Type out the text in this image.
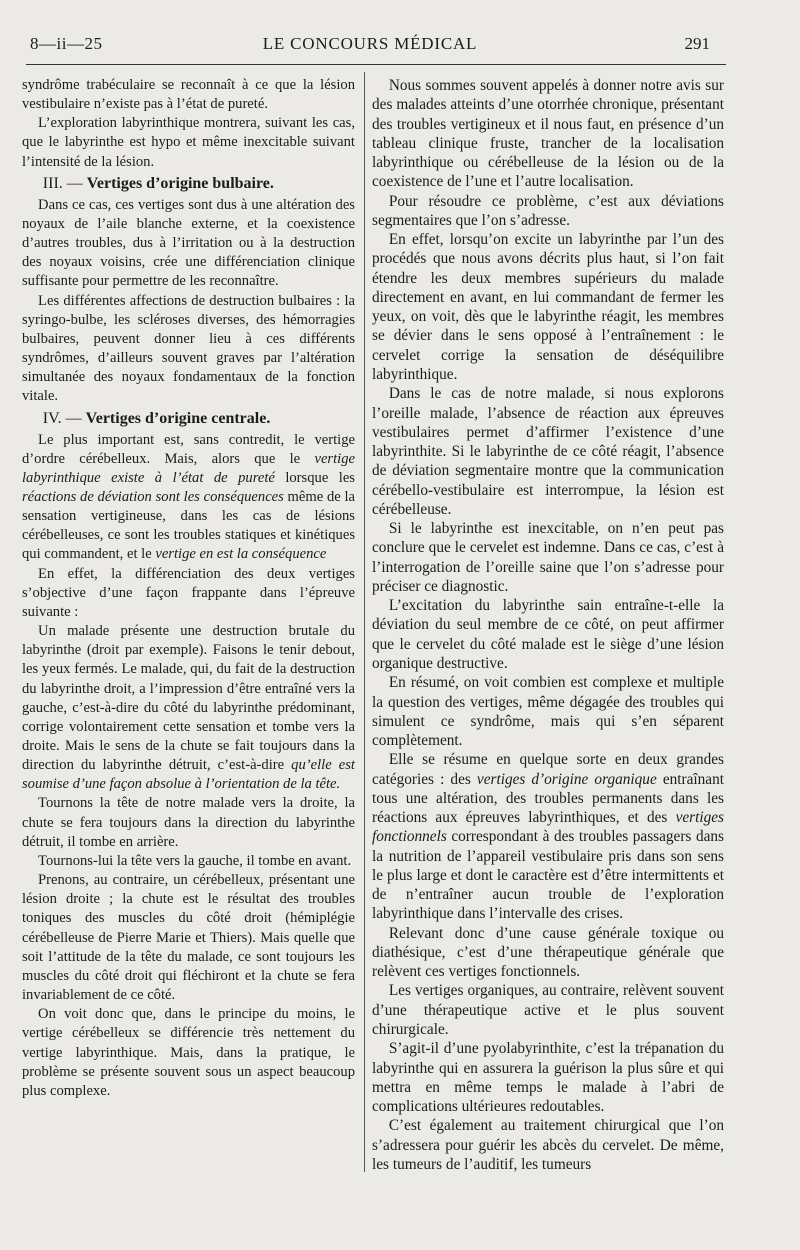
8—ii—25	LE CONCOURS MÉDICAL	291

syndrôme trabéculaire se reconnaît à ce que la lésion vestibulaire n’existe pas à l’état de pureté.

L’exploration labyrinthique montrera, suivant les cas, que le labyrinthe est hypo et même inexcitable suivant l’intensité de la lésion.

III. — Vertiges d’origine bulbaire.

Dans ce cas, ces vertiges sont dus à une altération des noyaux de l’aile blanche externe, et la coexistence d’autres troubles, dus à l’irritation ou à la destruction des noyaux voisins, crée une différenciation clinique suffisante pour permettre de les reconnaître.

Les différentes affections de destruction bulbaires : la syringo-bulbe, les scléroses diverses, des hémorragies bulbaires, peuvent donner lieu à ces différents syndrômes, d’ailleurs souvent graves par l’altération simultanée des noyaux fondamentaux de la fonction vitale.

IV. — Vertiges d’origine centrale.

Le plus important est, sans contredit, le vertige d’ordre cérébelleux. Mais, alors que le vertige labyrinthique existe à l’état de pureté lorsque les réactions de déviation sont les conséquences même de la sensation vertigineuse, dans les cas de lésions cérébelleuses, ce sont les troubles statiques et kinétiques qui commandent, et le vertige en est la conséquence

En effet, la différenciation des deux vertiges s’objective d’une façon frappante dans l’épreuve suivante :

Un malade présente une destruction brutale du labyrinthe (droit par exemple). Faisons le tenir debout, les yeux fermés. Le malade, qui, du fait de la destruction du labyrinthe droit, a l’impression d’être entraîné vers la gauche, c’est-à-dire du côté du labyrinthe prédominant, corrige volontairement cette sensation et tombe vers la droite. Mais le sens de la chute se fait toujours dans la direction du labyrinthe détruit, c’est-à-dire qu’elle est soumise d’une façon absolue à l’orientation de la tête.

Tournons la tête de notre malade vers la droite, la chute se fera toujours dans la direction du labyrinthe détruit, il tombe en arrière.

Tournons-lui la tête vers la gauche, il tombe en avant.

Prenons, au contraire, un cérébelleux, présentant une lésion droite ; la chute est le résultat des troubles toniques des muscles du côté droit (hémiplégie cérébelleuse de Pierre Marie et Thiers). Mais quelle que soit l’attitude de la tête du malade, ce sont toujours les muscles du côté droit qui fléchiront et la chute se fera invariablement de ce côté.

On voit donc que, dans le principe du moins, le vertige cérébelleux se différencie très nettement du vertige labyrinthique. Mais, dans la pratique, le problème se présente souvent sous un aspect beaucoup plus complexe.

Nous sommes souvent appelés à donner notre avis sur des malades atteints d’une otorrhée chronique, présentant des troubles vertigineux et il nous faut, en présence d’un tableau clinique fruste, trancher de la localisation labyrinthique ou cérébelleuse de la lésion ou de la coexistence de l’une et l’autre localisation.

Pour résoudre ce problème, c’est aux déviations segmentaires que l’on s’adresse.

En effet, lorsqu’on excite un labyrinthe par l’un des procédés que nous avons décrits plus haut, si l’on fait étendre les deux membres supérieurs du malade directement en avant, en lui commandant de fermer les yeux, on voit, dès que le labyrinthe réagit, les membres se dévier dans le sens opposé à l’entraînement : le cervelet corrige la sensation de déséquilibre labyrinthique.

Dans le cas de notre malade, si nous explorons l’oreille malade, l’absence de réaction aux épreuves vestibulaires permet d’affirmer l’existence d’une labyrinthite. Si le labyrinthe de ce côté réagit, l’absence de déviation segmentaire montre que la communication cérébello-vestibulaire est interrompue, la lésion est cérébelleuse.

Si le labyrinthe est inexcitable, on n’en peut pas conclure que le cervelet est indemne. Dans ce cas, c’est à l’interrogation de l’oreille saine que l’on s’adresse pour préciser ce diagnostic.

L’excitation du labyrinthe sain entraîne-t-elle la déviation du seul membre de ce côté, on peut affirmer que le cervelet du côté malade est le siège d’une lésion organique destructive.

En résumé, on voit combien est complexe et multiple la question des vertiges, même dégagée des troubles qui simulent ce syndrôme, mais qui s’en séparent complètement.

Elle se résume en quelque sorte en deux grandes catégories : des vertiges d’origine organique entraînant tous une altération, des troubles permanents dans les réactions aux épreuves labyrinthiques, et des vertiges fonctionnels correspondant à des troubles passagers dans la nutrition de l’appareil vestibulaire pris dans son sens le plus large et dont le caractère est d’être intermittents et de n’entraîner aucun trouble de l’exploration labyrinthique dans l’intervalle des crises.

Relevant donc d’une cause générale toxique ou diathésique, c’est d’une thérapeutique générale que relèvent ces vertiges fonctionnels.

Les vertiges organiques, au contraire, relèvent souvent d’une thérapeutique active et le plus souvent chirurgicale.

S’agit-il d’une pyolabyrinthite, c’est la trépanation du labyrinthe qui en assurera la guérison la plus sûre et qui mettra en même temps le malade à l’abri de complications ultérieures redoutables.

C’est également au traitement chirurgical que l’on s’adressera pour guérir les abcès du cervelet. De même, les tumeurs de l’auditif, les tumeurs
